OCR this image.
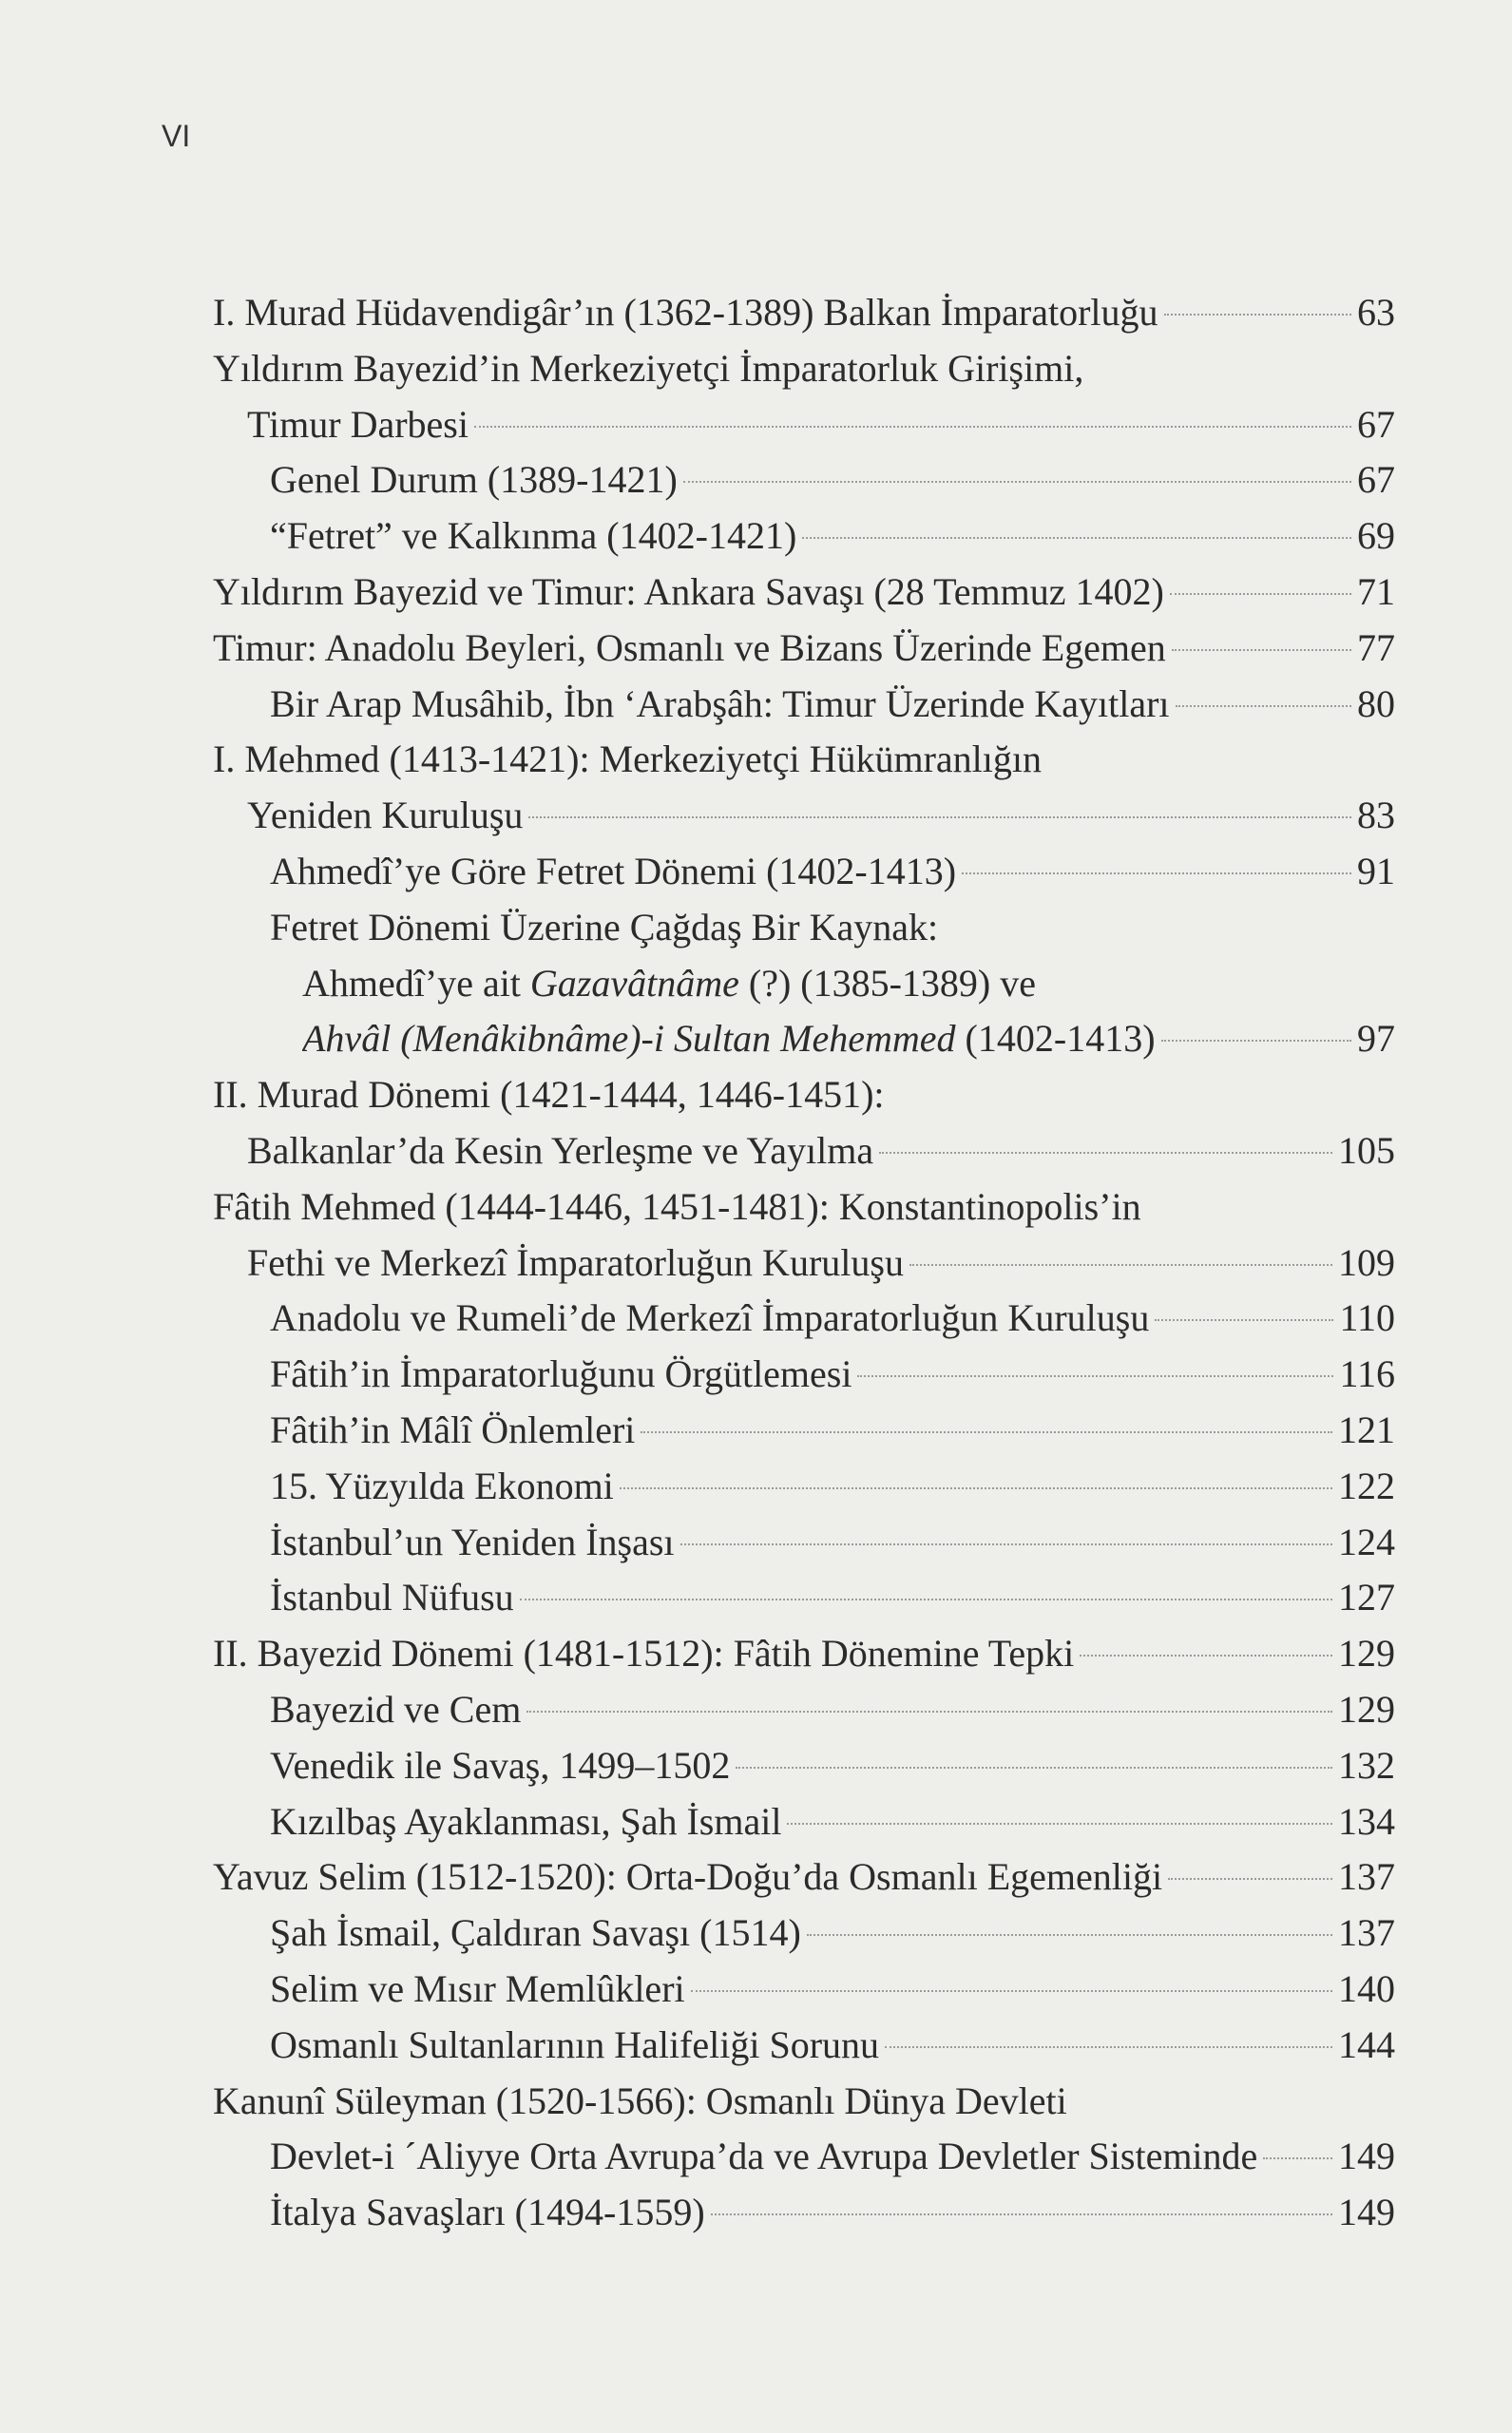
VI
I. Murad Hüdavendigâr’ın (1362-1389) Balkan İmparatorluğu	63
Yıldırım Bayezid’in Merkeziyetçi İmparatorluk Girişimi,
Timur Darbesi	67
Genel Durum (1389-1421)	67
“Fetret” ve Kalkınma (1402-1421)	69
Yıldırım Bayezid ve Timur: Ankara Savaşı (28 Temmuz 1402)	71
Timur: Anadolu Beyleri, Osmanlı ve Bizans Üzerinde Egemen	77
Bir Arap Musâhib, İbn ‘Arabşâh: Timur Üzerinde Kayıtları	80
I. Mehmed (1413-1421): Merkeziyetçi Hükümranlığın
Yeniden Kuruluşu	83
Ahmedî’ye Göre Fetret Dönemi (1402-1413)	91
Fetret Dönemi Üzerine Çağdaş Bir Kaynak:
Ahmedî’ye ait Gazavâtnâme (?) (1385-1389) ve
Ahvâl (Menâkibnâme)-i Sultan Mehemmed (1402-1413)	97
II. Murad Dönemi (1421-1444, 1446-1451):
Balkanlar’da Kesin Yerleşme ve Yayılma	105
Fâtih Mehmed (1444-1446, 1451-1481): Konstantinopolis’in
Fethi ve Merkezî İmparatorluğun Kuruluşu	109
Anadolu ve Rumeli’de Merkezî İmparatorluğun Kuruluşu	110
Fâtih’in İmparatorluğunu Örgütlemesi	116
Fâtih’in Mâlî Önlemleri	121
15. Yüzyılda Ekonomi	122
İstanbul’un Yeniden İnşası	124
İstanbul Nüfusu	127
II. Bayezid Dönemi (1481-1512): Fâtih Dönemine Tepki	129
Bayezid ve Cem	129
Venedik ile Savaş, 1499–1502	132
Kızılbaş Ayaklanması, Şah İsmail	134
Yavuz Selim (1512-1520): Orta-Doğu’da Osmanlı Egemenliği	137
Şah İsmail, Çaldıran Savaşı (1514)	137
Selim ve Mısır Memlûkleri	140
Osmanlı Sultanlarının Halifeliği Sorunu	144
Kanunî Süleyman (1520-1566): Osmanlı Dünya Devleti
Devlet-i ´Aliyye Orta Avrupa’da ve Avrupa Devletler Sisteminde 149
İtalya Savaşları (1494-1559)	149
